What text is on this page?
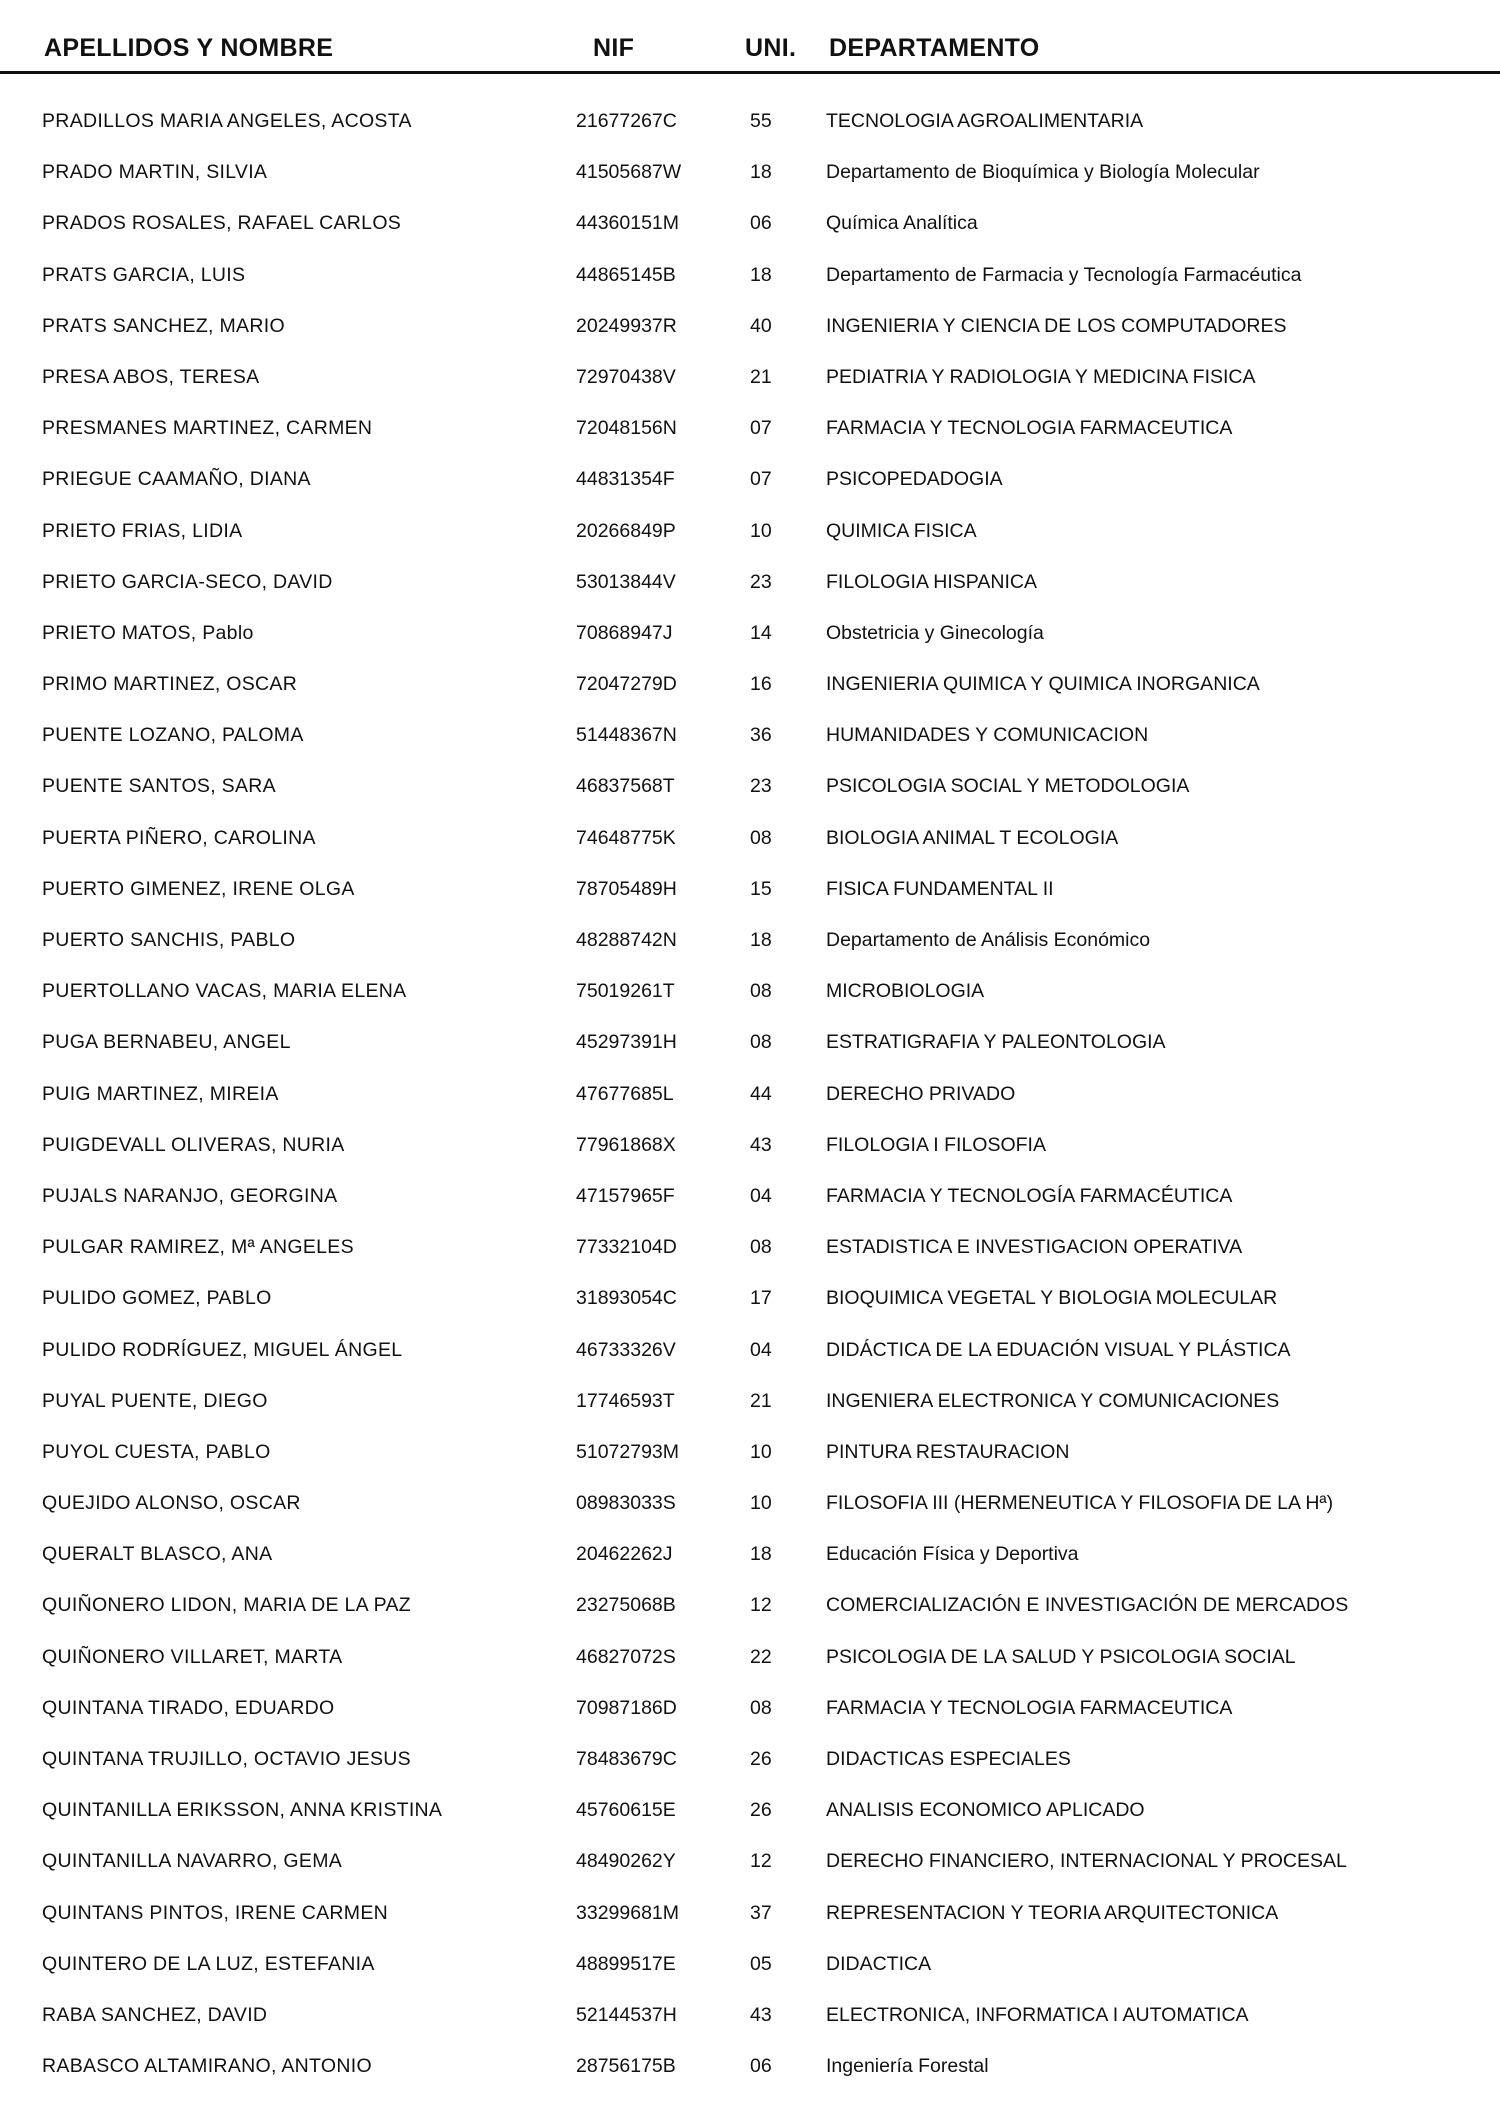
APELLIDOS Y NOMBRE	NIF	UNI. DEPARTAMENTO
PRADILLOS MARIA ANGELES, ACOSTA	21677267C	55	TECNOLOGIA AGROALIMENTARIA
PRADO MARTIN, SILVIA	41505687W	18	Departamento de Bioquímica y Biología Molecular
PRADOS ROSALES, RAFAEL CARLOS	44360151M	06	Química Analítica
PRATS GARCIA, LUIS	44865145B	18	Departamento de Farmacia y Tecnología Farmacéutica
PRATS SANCHEZ, MARIO	20249937R	40	INGENIERIA Y CIENCIA DE LOS COMPUTADORES
PRESA ABOS, TERESA	72970438V	21	PEDIATRIA Y RADIOLOGIA Y MEDICINA FISICA
PRESMANES MARTINEZ, CARMEN	72048156N	07	FARMACIA Y TECNOLOGIA FARMACEUTICA
PRIEGUE CAAMAÑO, DIANA	44831354F	07	PSICOPEDADOGIA
PRIETO FRIAS, LIDIA	20266849P	10	QUIMICA FISICA
PRIETO GARCIA-SECO, DAVID	53013844V	23	FILOLOGIA HISPANICA
PRIETO MATOS, Pablo	70868947J	14	Obstetricia y Ginecología
PRIMO MARTINEZ, OSCAR	72047279D	16	INGENIERIA QUIMICA Y QUIMICA INORGANICA
PUENTE LOZANO, PALOMA	51448367N	36	HUMANIDADES Y COMUNICACION
PUENTE SANTOS, SARA	46837568T	23	PSICOLOGIA SOCIAL Y METODOLOGIA
PUERTA PIÑERO, CAROLINA	74648775K	08	BIOLOGIA ANIMAL T ECOLOGIA
PUERTO GIMENEZ, IRENE OLGA	78705489H	15	FISICA FUNDAMENTAL II
PUERTO SANCHIS, PABLO	48288742N	18	Departamento de Análisis Económico
PUERTOLLANO VACAS, MARIA ELENA	75019261T	08	MICROBIOLOGIA
PUGA BERNABEU, ANGEL	45297391H	08	ESTRATIGRAFIA Y PALEONTOLOGIA
PUIG MARTINEZ, MIREIA	47677685L	44	DERECHO PRIVADO
PUIGDEVALL OLIVERAS, NURIA	77961868X	43	FILOLOGIA I FILOSOFIA
PUJALS NARANJO, GEORGINA	47157965F	04	FARMACIA Y TECNOLOGÍA FARMACÉUTICA
PULGAR RAMIREZ, Mª ANGELES	77332104D	08	ESTADISTICA E INVESTIGACION OPERATIVA
PULIDO GOMEZ, PABLO	31893054C	17	BIOQUIMICA VEGETAL Y BIOLOGIA MOLECULAR
PULIDO RODRÍGUEZ, MIGUEL ÁNGEL	46733326V	04	DIDÁCTICA DE LA EDUACIÓN VISUAL Y PLÁSTICA
PUYAL PUENTE, DIEGO	17746593T	21	INGENIERA ELECTRONICA Y COMUNICACIONES
PUYOL CUESTA, PABLO	51072793M	10	PINTURA RESTAURACION
QUEJIDO ALONSO, OSCAR	08983033S	10	FILOSOFIA III (HERMENEUTICA Y FILOSOFIA DE LA Hª)
QUERALT BLASCO, ANA	20462262J	18	Educación Física y Deportiva
QUIÑONERO LIDON, MARIA DE LA PAZ	23275068B	12	COMERCIALIZACIÓN E INVESTIGACIÓN DE MERCADOS
QUIÑONERO VILLARET, MARTA	46827072S	22	PSICOLOGIA DE LA SALUD Y PSICOLOGIA SOCIAL
QUINTANA TIRADO, EDUARDO	70987186D	08	FARMACIA Y TECNOLOGIA FARMACEUTICA
QUINTANA TRUJILLO, OCTAVIO JESUS	78483679C	26	DIDACTICAS ESPECIALES
QUINTANILLA ERIKSSON, ANNA KRISTINA	45760615E	26	ANALISIS ECONOMICO APLICADO
QUINTANILLA NAVARRO, GEMA	48490262Y	12	DERECHO FINANCIERO, INTERNACIONAL Y PROCESAL
QUINTANS PINTOS, IRENE CARMEN	33299681M	37	REPRESENTACION Y TEORIA ARQUITECTONICA
QUINTERO DE LA LUZ, ESTEFANIA	48899517E	05	DIDACTICA
RABA SANCHEZ, DAVID	52144537H	43	ELECTRONICA, INFORMATICA I AUTOMATICA
RABASCO ALTAMIRANO, ANTONIO	28756175B	06	Ingeniería Forestal
